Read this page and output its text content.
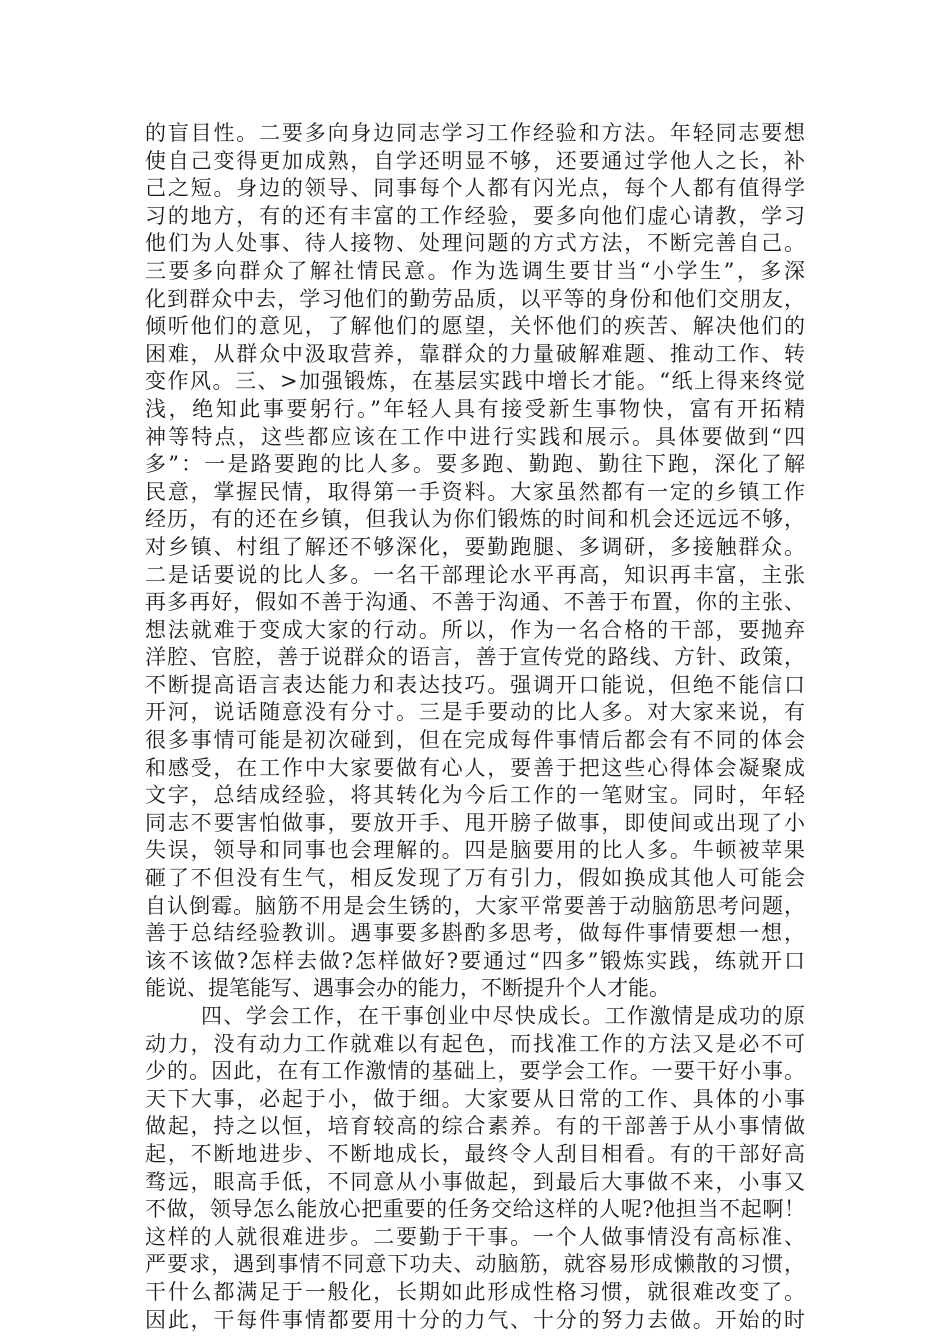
的盲目性。二要多向身边同志学习工作经验和方法。年轻同志要想
使自己变得更加成熟，自学还明显不够，还要通过学他人之长，补
己之短。身边的领导、同事每个人都有闪光点，每个人都有值得学
习的地方，有的还有丰富的工作经验，要多向他们虚心请教，学习
他们为人处事、待人接物、处理问题的方式方法，不断完善自己。
三要多向群众了解社情民意。作为选调生要甘当“小学生”，多深
化到群众中去，学习他们的勤劳品质，以平等的身份和他们交朋友，
倾听他们的意见，了解他们的愿望，关怀他们的疾苦、解决他们的
困难，从群众中汲取营养，靠群众的力量破解难题、推动工作、转
变作风。三、>加强锻炼，在基层实践中增长才能。“纸上得来终觉
浅，绝知此事要躬行。”年轻人具有接受新生事物快，富有开拓精
神等特点，这些都应该在工作中进行实践和展示。具体要做到“四
多”：一是路要跑的比人多。要多跑、勤跑、勤往下跑，深化了解
民意，掌握民情，取得第一手资料。大家虽然都有一定的乡镇工作
经历，有的还在乡镇，但我认为你们锻炼的时间和机会还远远不够，
对乡镇、村组了解还不够深化，要勤跑腿、多调研，多接触群众。
二是话要说的比人多。一名干部理论水平再高，知识再丰富，主张
再多再好，假如不善于沟通、不善于沟通、不善于布置，你的主张、
想法就难于变成大家的行动。所以，作为一名合格的干部，要抛弃
洋腔、官腔，善于说群众的语言，善于宣传党的路线、方针、政策，
不断提高语言表达能力和表达技巧。强调开口能说，但绝不能信口
开河，说话随意没有分寸。三是手要动的比人多。对大家来说，有
很多事情可能是初次碰到，但在完成每件事情后都会有不同的体会
和感受，在工作中大家要做有心人，要善于把这些心得体会凝聚成
文字，总结成经验，将其转化为今后工作的一笔财宝。同时，年轻
同志不要害怕做事，要放开手、甩开膀子做事，即使间或出现了小
失误，领导和同事也会理解的。四是脑要用的比人多。牛顿被苹果
砸了不但没有生气，相反发现了万有引力，假如换成其他人可能会
自认倒霉。脑筋不用是会生锈的，大家平常要善于动脑筋思考问题，
善于总结经验教训。遇事要多斟酌多思考，做每件事情要想一想，
该不该做?怎样去做?怎样做好?要通过“四多”锻炼实践，练就开口
能说、提笔能写、遇事会办的能力，不断提升个人才能。
四、学会工作，在干事创业中尽快成长。工作激情是成功的原
动力，没有动力工作就难以有起色，而找准工作的方法又是必不可
少的。因此，在有工作激情的基础上，要学会工作。一要干好小事。
天下大事，必起于小，做于细。大家要从日常的工作、具体的小事
做起，持之以恒，培育较高的综合素养。有的干部善于从小事情做
起，不断地进步、不断地成长，最终令人刮目相看。有的干部好高
骛远，眼高手低，不同意从小事做起，到最后大事做不来，小事又
不做，领导怎么能放心把重要的任务交给这样的人呢?他担当不起啊！
这样的人就很难进步。二要勤于干事。一个人做事情没有高标准、
严要求，遇到事情不同意下功夫、动脑筋，就容易形成懒散的习惯，
干什么都满足于一般化，长期如此形成性格习惯，就很难改变了。
因此，干每件事情都要用十分的力气、十分的努力去做。开始的时
